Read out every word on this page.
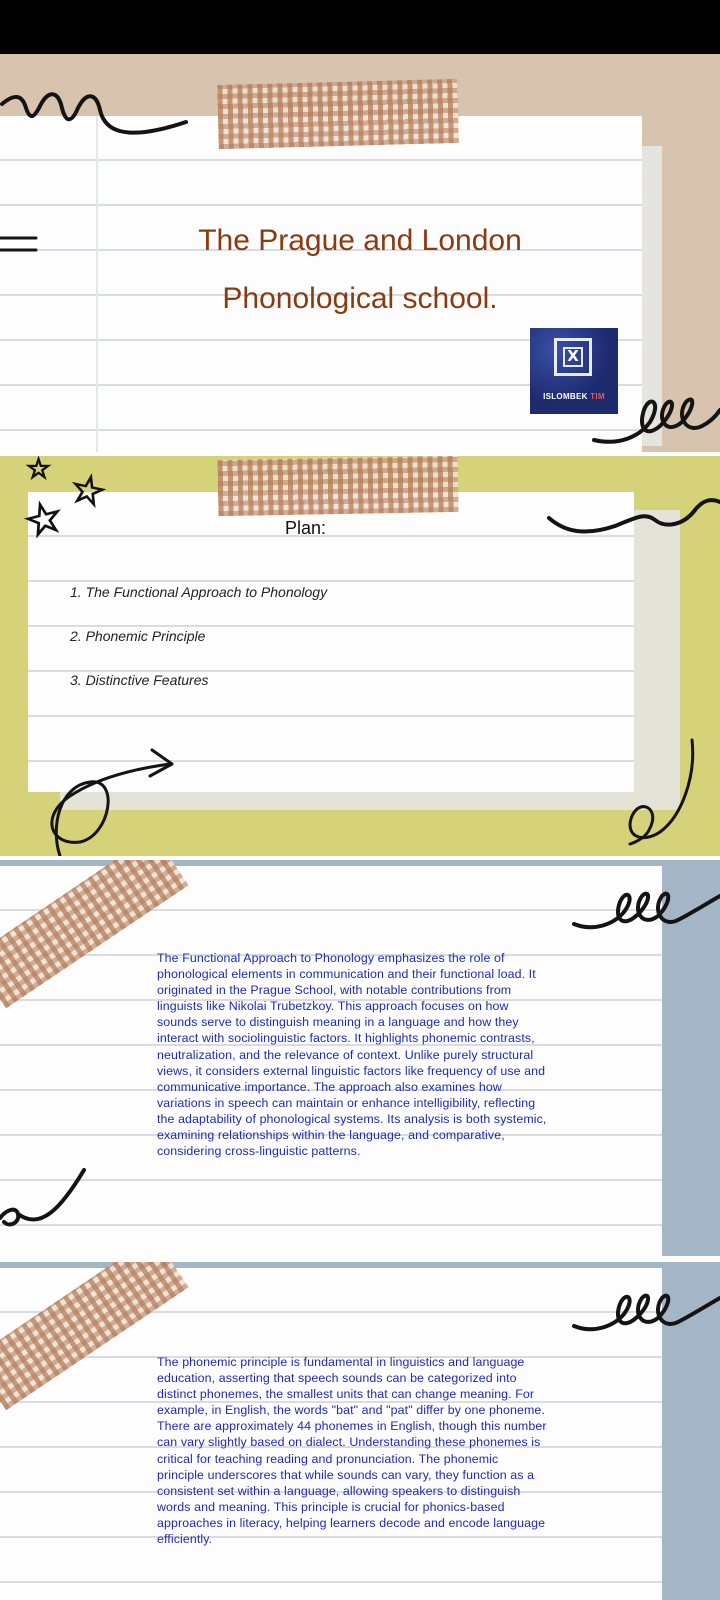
The Prague and London
Phonological school.
X
ISLOMBEK TIM
☆ ☆
☆	Plan:
1. The Functional Approach to Phonology
2. Phonemic Principle
3. Distinctive Features
The Functional Approach to Phonology emphasizes the role of phonological elements in communication and their functional load. It originated in the Prague School, with notable contributions from linguists like Nikolai Trubetzkoy. This approach focuses on how sounds serve to distinguish meaning in a language and how they interact with sociolinguistic factors. It highlights phonemic contrasts, neutralization, and the relevance of context. Unlike purely structural views, it considers external linguistic factors like frequency of use and communicative importance. The approach also examines how variations in speech can maintain or enhance intelligibility, reflecting the adaptability of phonological systems. Its analysis is both systemic, examining relationships within the language, and comparative, considering cross-linguistic patterns.
The phonemic principle is fundamental in linguistics and language education, asserting that speech sounds can be categorized into distinct phonemes, the smallest units that can change meaning. For example, in English, the words "bat" and "pat" differ by one phoneme. There are approximately 44 phonemes in English, though this number can vary slightly based on dialect. Understanding these phonemes is critical for teaching reading and pronunciation. The phonemic principle underscores that while sounds can vary, they function as a consistent set within a language, allowing speakers to distinguish words and meaning. This principle is crucial for phonics-based approaches in literacy, helping learners decode and encode language efficiently.
